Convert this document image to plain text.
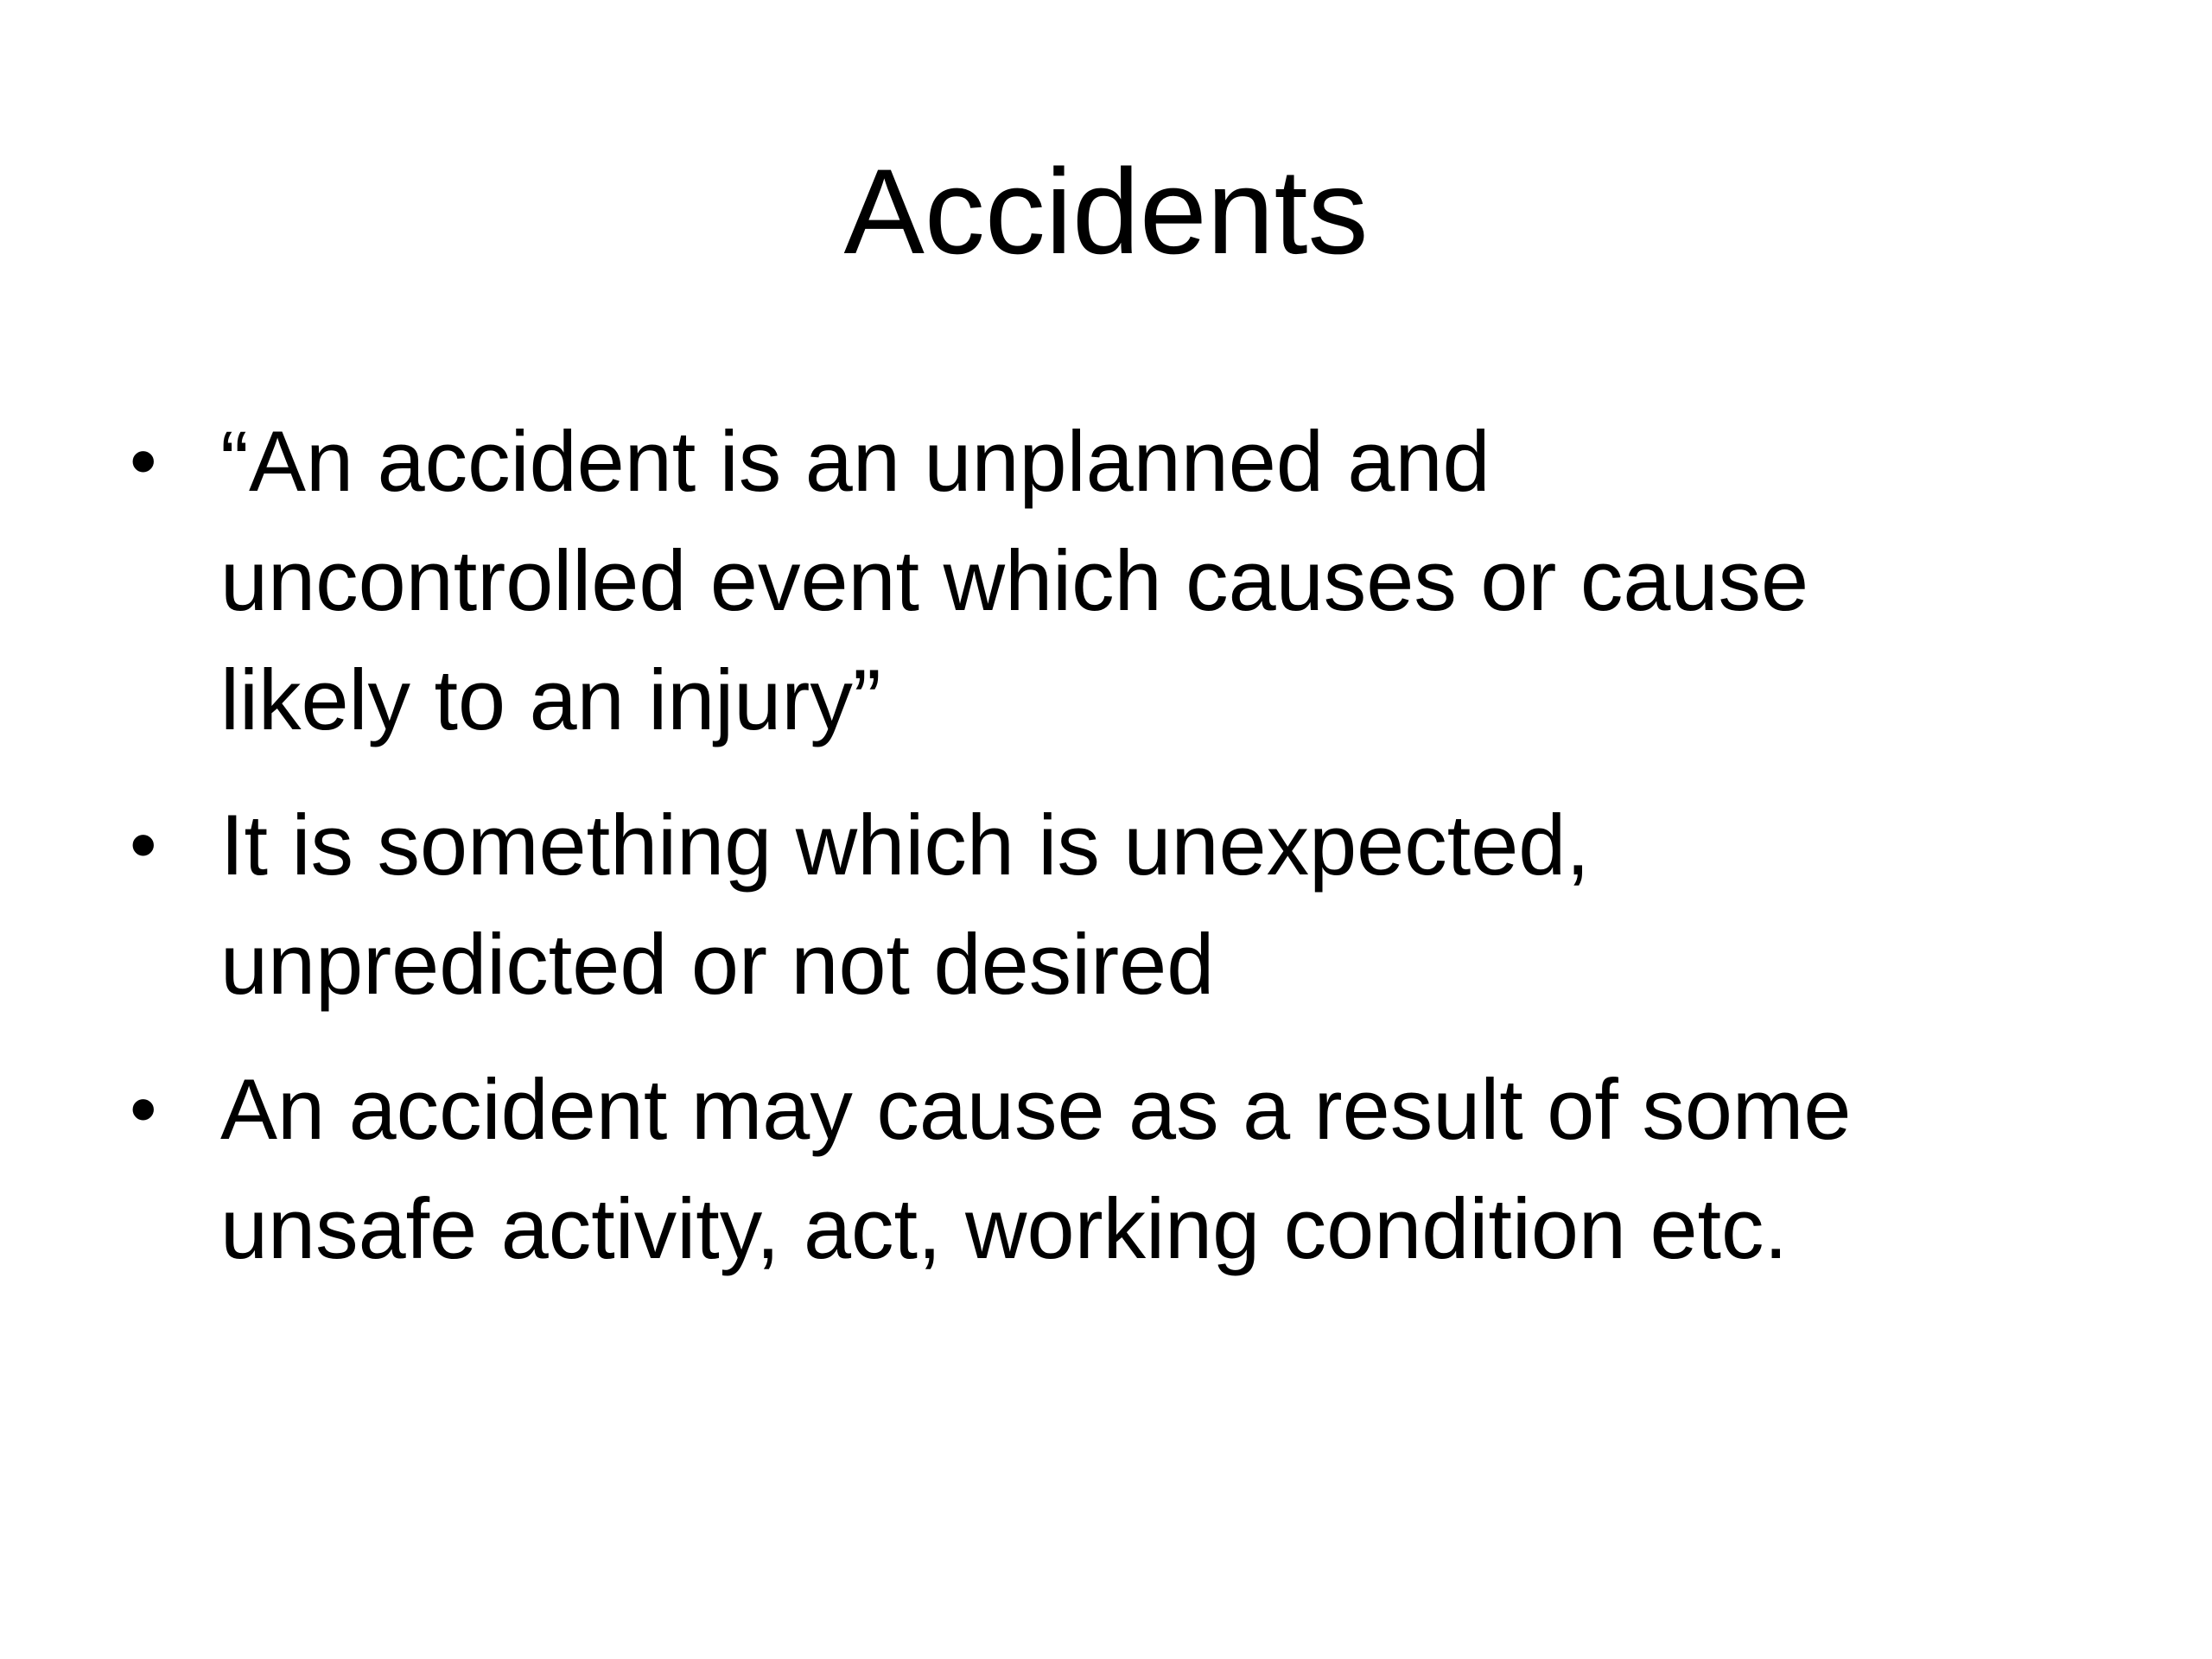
Accidents
• “An accident is an unplanned and
uncontrolled event which causes or cause
likely to an injury”
• It is something which is unexpected,
unpredicted or not desired
• An accident may cause as a result of some
unsafe activity, act, working condition etc.
